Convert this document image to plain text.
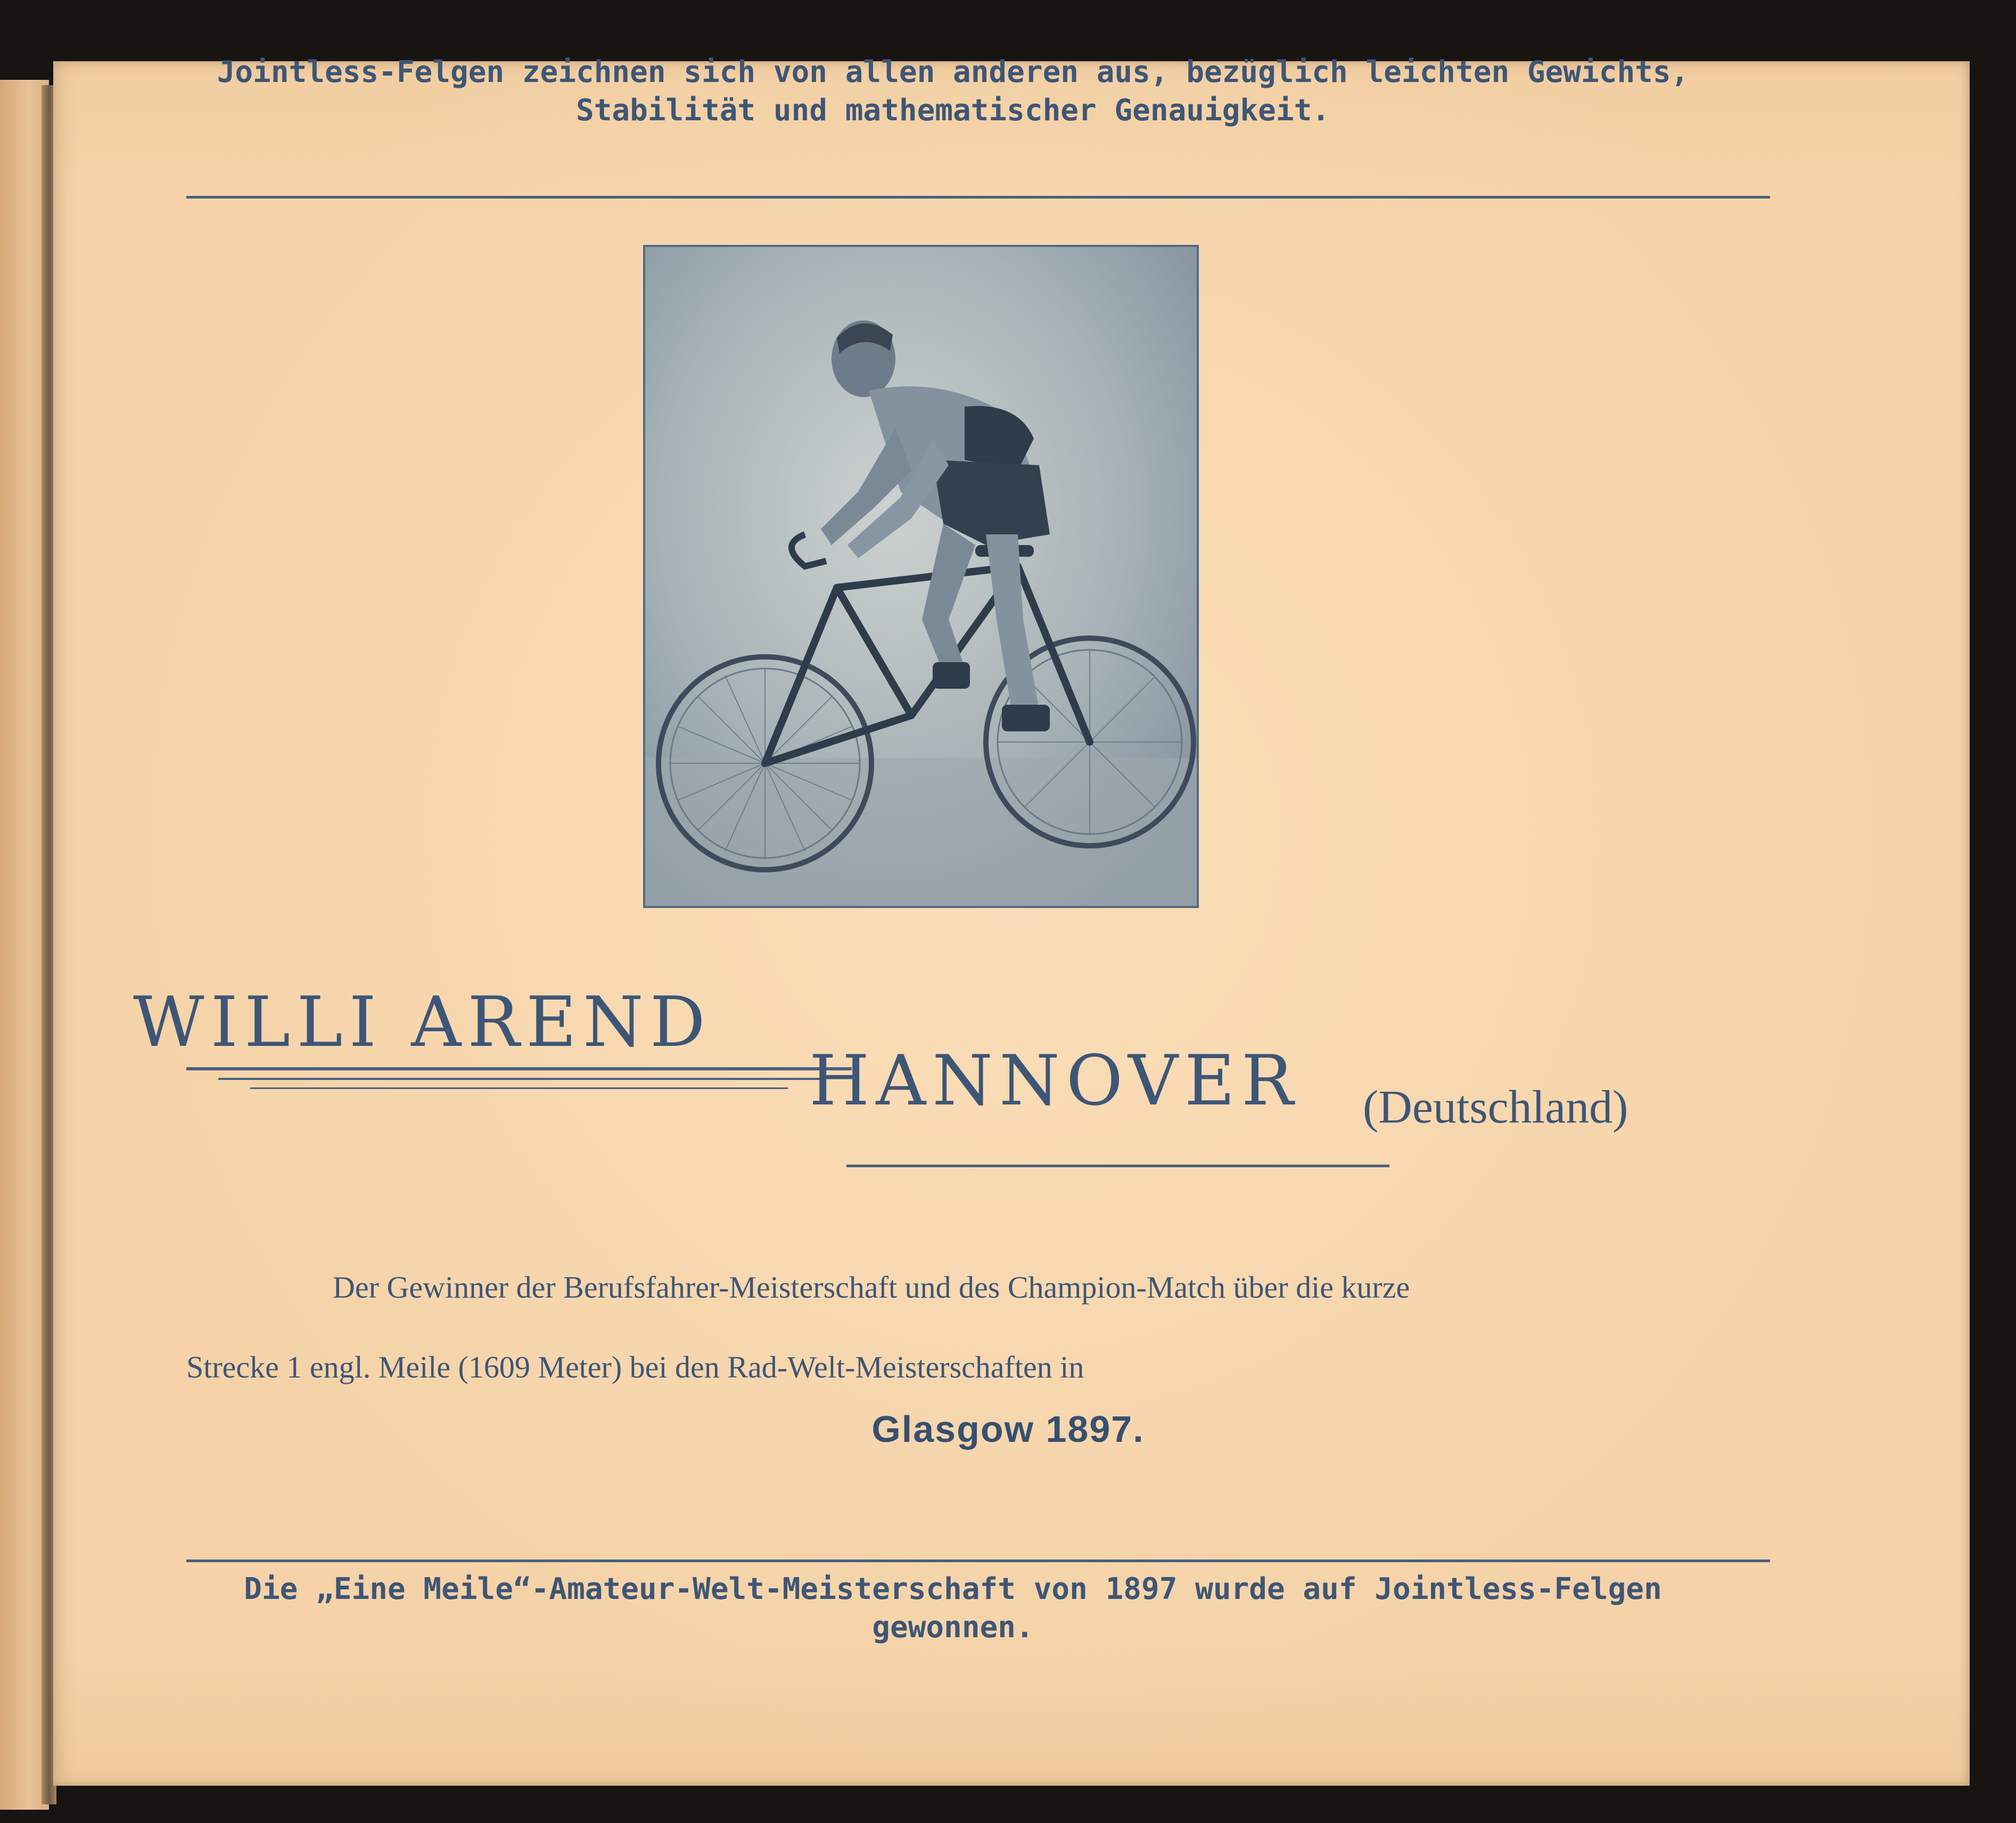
Jointless-Felgen zeichnen sich von allen anderen aus, bezüglich leichten Gewichts,
Stabilität und mathematischer Genauigkeit.
WILLI AREND
HANNOVER (Deutschland)
Der Gewinner der Berufsfahrer-Meisterschaft und des Champion-Match über die kurze
Strecke 1 engl. Meile (1609 Meter) bei den Rad-Welt-Meisterschaften in
Glasgow 1897.
Die „Eine Meile“-Amateur-Welt-Meisterschaft von 1897 wurde auf Jointless-Felgen
gewonnen.
